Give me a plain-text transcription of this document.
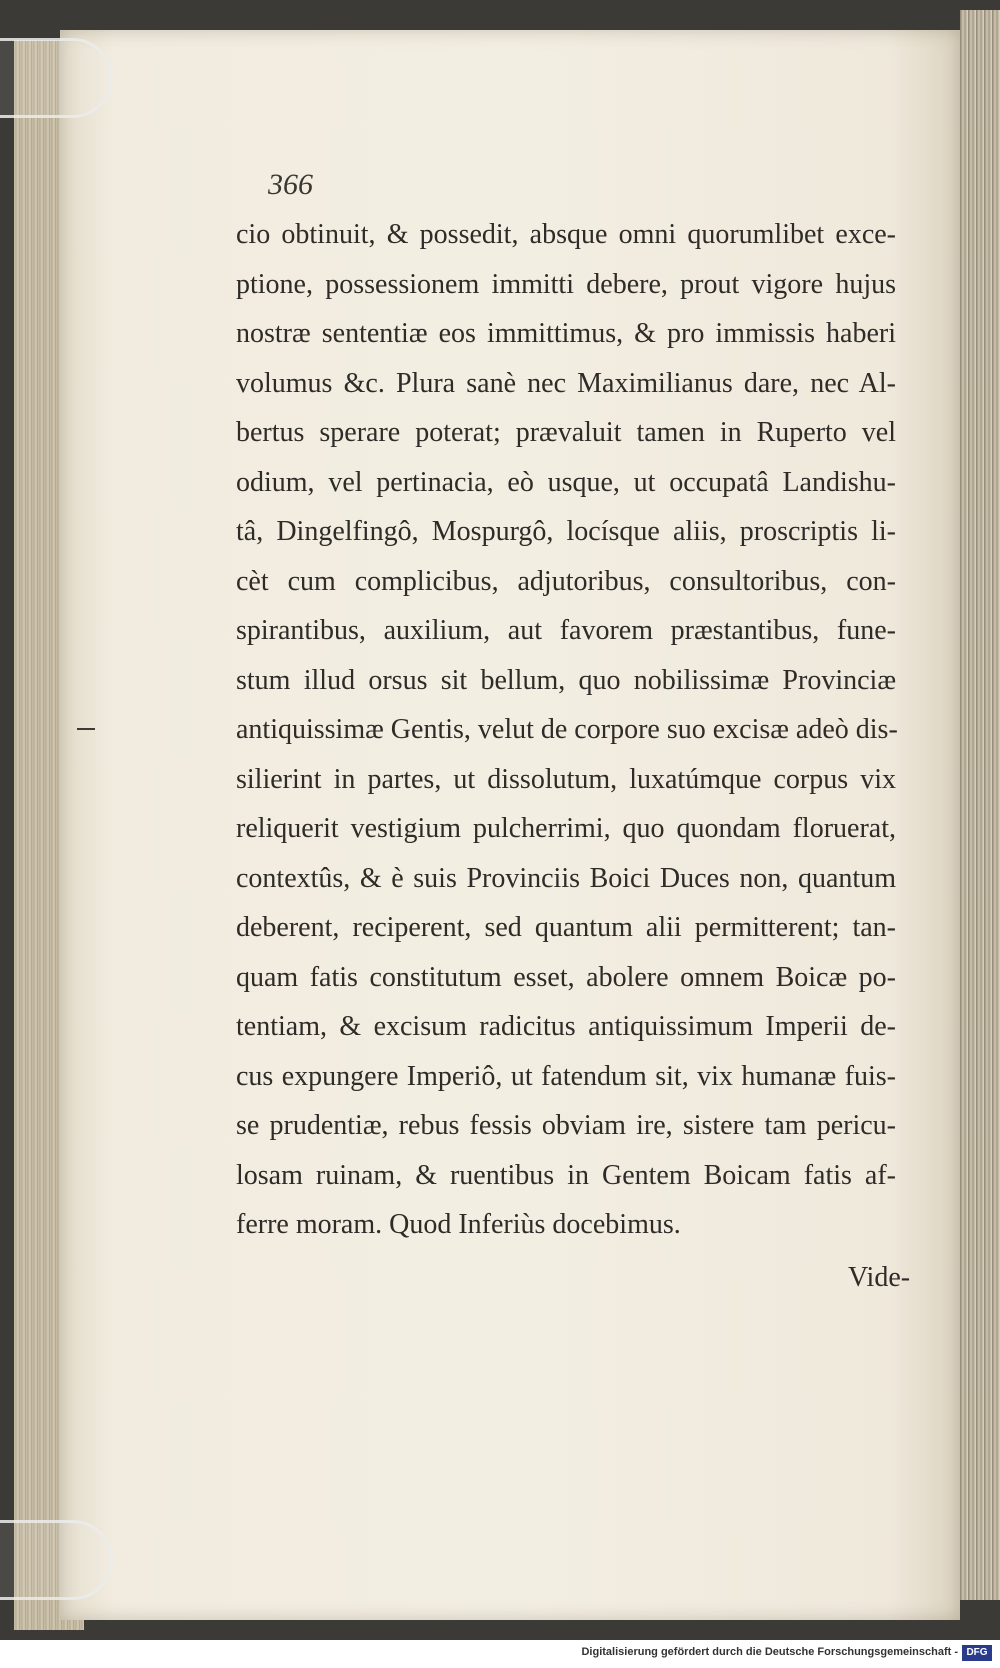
366

cio obtinuit, & possedit, absque omni quorumlibet exce-
ptione, possessionem immitti debere, prout vigore hujus
nostræ sententiæ eos immittimus, & pro immissis haberi
volumus &c. Plura sanè nec Maximilianus dare, nec Al-
bertus sperare poterat; prævaluit tamen in Ruperto vel
odium, vel pertinacia, eò usque, ut occupatâ Landishu-
tâ, Dingelfingô, Mospurgô, locísque aliis, proscriptis li-
cèt cum complicibus, adjutoribus, consultoribus, con-
spirantibus, auxilium, aut favorem præstantibus, fune-
stum illud orsus sit bellum, quo nobilissimæ Provinciæ
antiquissimæ Gentis, velut de corpore suo excisæ adeò dis-
silierint in partes, ut dissolutum, luxatúmque corpus vix
reliquerit vestigium pulcherrimi, quo quondam floruerat,
contextûs, & è suis Provinciis Boici Duces non, quantum
deberent, reciperent, sed quantum alii permitterent; tan-
quam fatis constitutum esset, abolere omnem Boicæ po-
tentiam, & excisum radicitus antiquissimum Imperii de-
cus expungere Imperiô, ut fatendum sit, vix humanæ fuis-
se prudentiæ, rebus fessis obviam ire, sistere tam pericu-
losam ruinam, & ruentibus in Gentem Boicam fatis af-
ferre moram. Quod Inferiùs docebimus.

Vide-

Digitalisierung gefördert durch die Deutsche Forschungsgemeinschaft - DFG
